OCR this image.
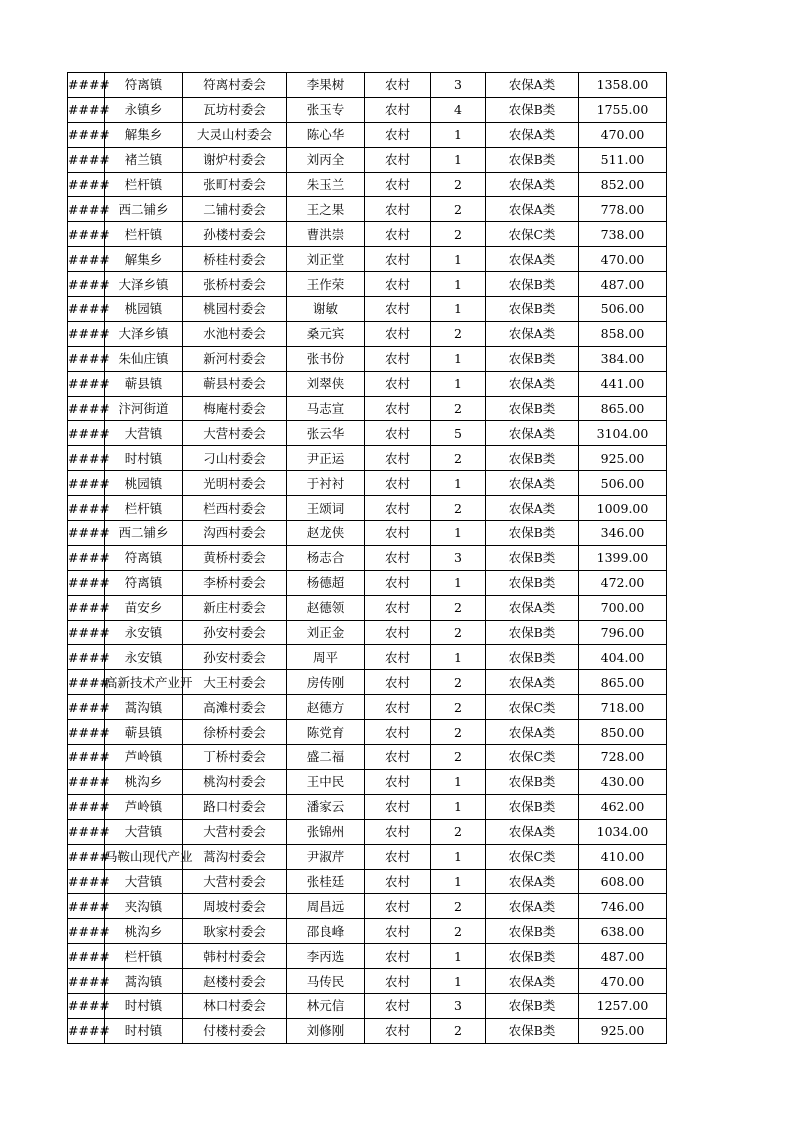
####	符离镇	符离村委会	李果树	农村	3	农保A类	1358.00
####	永镇乡	瓦坊村委会	张玉专	农村	4	农保B类	1755.00
####	解集乡	大灵山村委会	陈心华	农村	1	农保A类	470.00
####	褚兰镇	谢炉村委会	刘丙全	农村	1	农保B类	511.00
####	栏杆镇	张町村委会	朱玉兰	农村	2	农保A类	852.00
####	西二铺乡	二铺村委会	王之果	农村	2	农保A类	778.00
####	栏杆镇	孙楼村委会	曹洪崇	农村	2	农保C类	738.00
####	解集乡	桥桂村委会	刘正堂	农村	1	农保A类	470.00
####	大泽乡镇	张桥村委会	王作荣	农村	1	农保B类	487.00
####	桃园镇	桃园村委会	谢敏	农村	1	农保B类	506.00
####	大泽乡镇	水池村委会	桑元宾	农村	2	农保A类	858.00
####	朱仙庄镇	新河村委会	张书份	农村	1	农保B类	384.00
####	蕲县镇	蕲县村委会	刘翠侠	农村	1	农保A类	441.00
####	汴河街道	梅庵村委会	马志宣	农村	2	农保B类	865.00
####	大营镇	大营村委会	张云华	农村	5	农保A类	3104.00
####	时村镇	刁山村委会	尹正运	农村	2	农保B类	925.00
####	桃园镇	光明村委会	于衬衬	农村	1	农保A类	506.00
####	栏杆镇	栏西村委会	王颂词	农村	2	农保A类	1009.00
####	西二铺乡	沟西村委会	赵龙侠	农村	1	农保B类	346.00
####	符离镇	黄桥村委会	杨志合	农村	3	农保B类	1399.00
####	符离镇	李桥村委会	杨德超	农村	1	农保B类	472.00
####	苗安乡	新庄村委会	赵德领	农村	2	农保A类	700.00
####	永安镇	孙安村委会	刘正金	农村	2	农保B类	796.00
####	永安镇	孙安村委会	周平	农村	1	农保B类	404.00
####	高新技术产业开	大王村委会	房传刚	农村	2	农保A类	865.00
####	蒿沟镇	高滩村委会	赵德方	农村	2	农保C类	718.00
####	蕲县镇	徐桥村委会	陈党育	农村	2	农保A类	850.00
####	芦岭镇	丁桥村委会	盛二福	农村	2	农保C类	728.00
####	桃沟乡	桃沟村委会	王中民	农村	1	农保B类	430.00
####	芦岭镇	路口村委会	潘家云	农村	1	农保B类	462.00
####	大营镇	大营村委会	张锦州	农村	2	农保A类	1034.00
####	马鞍山现代产业	蒿沟村委会	尹淑芹	农村	1	农保C类	410.00
####	大营镇	大营村委会	张桂廷	农村	1	农保A类	608.00
####	夹沟镇	周坡村委会	周昌远	农村	2	农保A类	746.00
####	桃沟乡	耿家村委会	邵良峰	农村	2	农保B类	638.00
####	栏杆镇	韩村村委会	李丙选	农村	1	农保B类	487.00
####	蒿沟镇	赵楼村委会	马传民	农村	1	农保A类	470.00
####	时村镇	林口村委会	林元信	农村	3	农保B类	1257.00
####	时村镇	付楼村委会	刘修刚	农村	2	农保B类	925.00
